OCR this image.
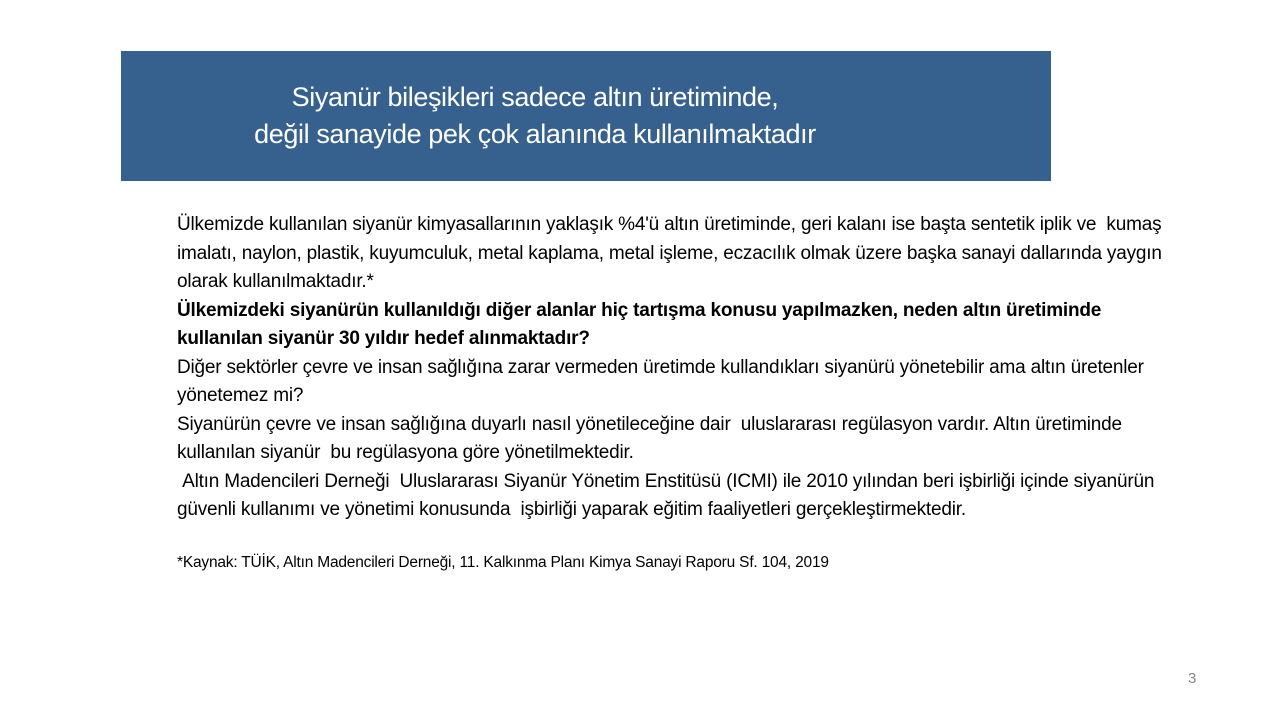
Siyanür bileşikleri sadece altın üretiminde,
değil sanayide pek çok alanında kullanılmaktadır

Ülkemizde kullanılan siyanür kimyasallarının yaklaşık %4'ü altın üretiminde, geri kalanı ise başta sentetik iplik ve  kumaş imalatı, naylon, plastik, kuyumculuk, metal kaplama, metal işleme, eczacılık olmak üzere başka sanayi dallarında yaygın olarak kullanılmaktadır.*

Ülkemizdeki siyanürün kullanıldığı diğer alanlar hiç tartışma konusu yapılmazken, neden altın üretiminde kullanılan siyanür 30 yıldır hedef alınmaktadır?

Diğer sektörler çevre ve insan sağlığına zarar vermeden üretimde kullandıkları siyanürü yönetebilir ama altın üretenler yönetemez mi?

Siyanürün çevre ve insan sağlığına duyarlı nasıl yönetileceğine dair  uluslararası regülasyon vardır. Altın üretiminde kullanılan siyanür  bu regülasyona göre yönetilmektedir.

Altın Madencileri Derneği  Uluslararası Siyanür Yönetim Enstitüsü (ICMI) ile 2010 yılından beri işbirliği içinde siyanürün güvenli kullanımı ve yönetimi konusunda  işbirliği yaparak eğitim faaliyetleri gerçekleştirmektedir.

*Kaynak: TÜİK, Altın Madencileri Derneği, 11. Kalkınma Planı Kimya Sanayi Raporu Sf. 104, 2019

3
